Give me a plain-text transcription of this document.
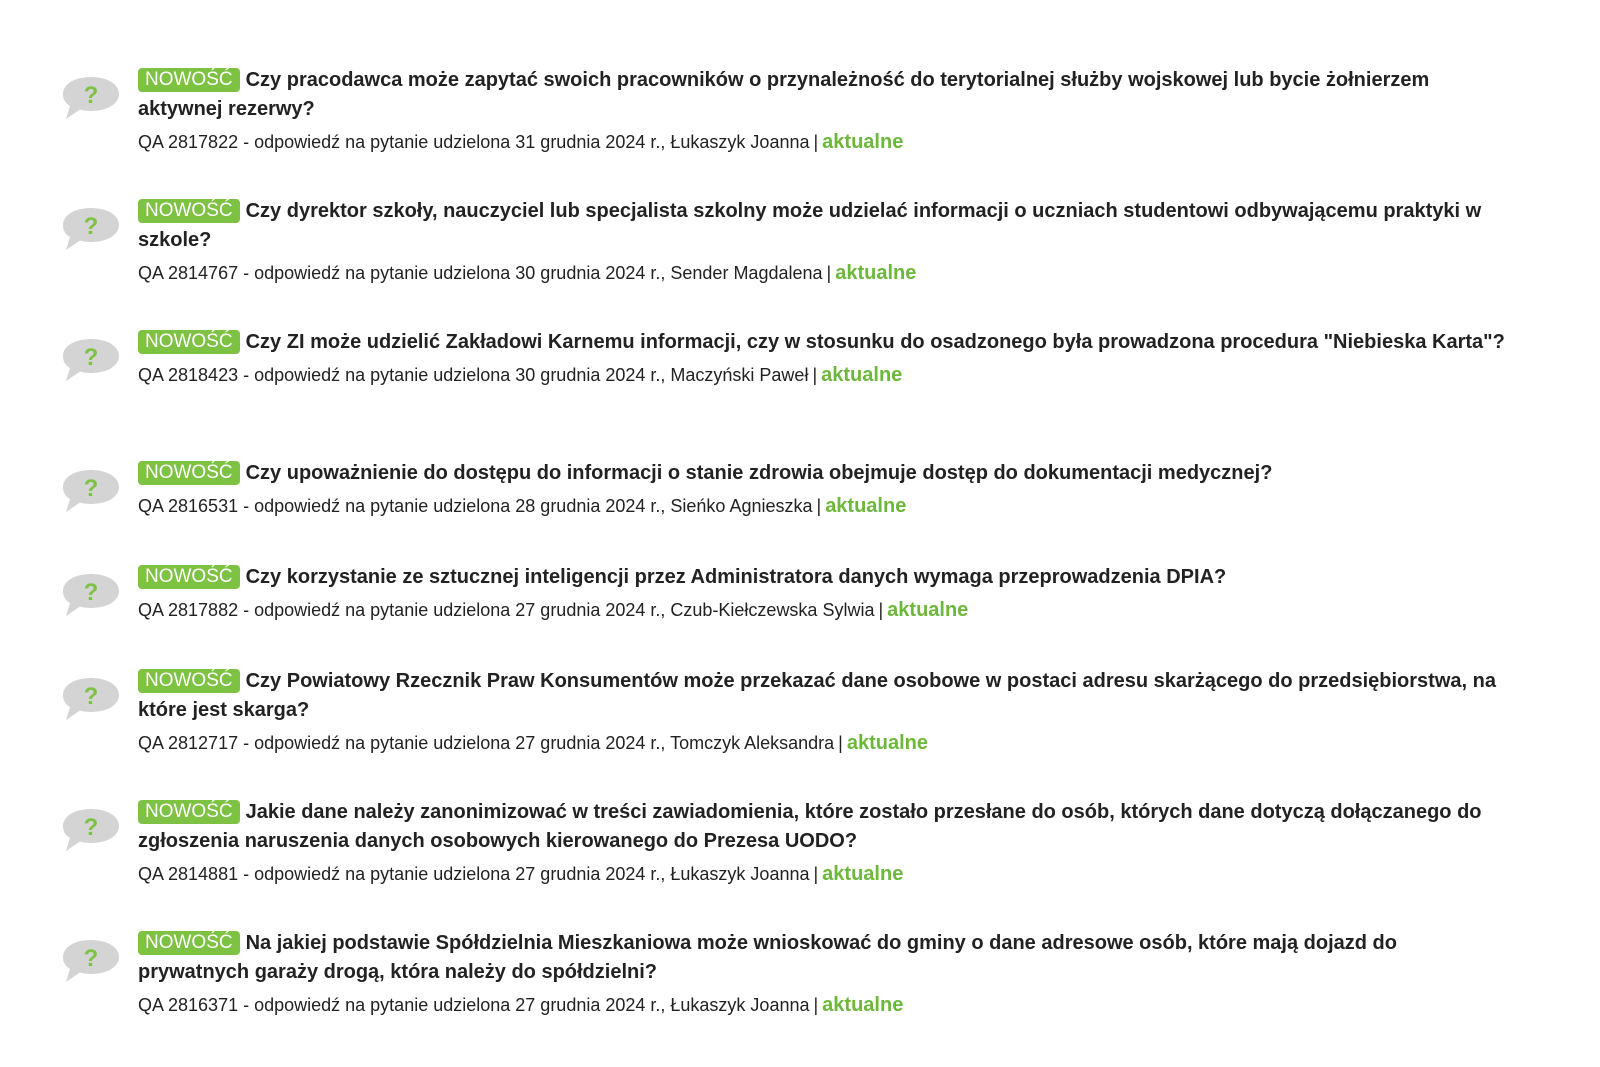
?

NOWOŚĆ Czy pracodawca może zapytać swoich pracowników o przynależność do terytorialnej służby wojskowej lub bycie żołnierzem aktywnej rezerwy?

QA 2817822 - odpowiedź na pytanie udzielona 31 grudnia 2024 r., Łukaszyk Joanna | aktualne
?

NOWOŚĆ Czy dyrektor szkoły, nauczyciel lub specjalista szkolny może udzielać informacji o uczniach studentowi odbywającemu praktyki w szkole?

QA 2814767 - odpowiedź na pytanie udzielona 30 grudnia 2024 r., Sender Magdalena | aktualne
?

NOWOŚĆ Czy ZI może udzielić Zakładowi Karnemu informacji, czy w stosunku do osadzonego była prowadzona procedura "Niebieska Karta"?

QA 2818423 - odpowiedź na pytanie udzielona 30 grudnia 2024 r., Maczyński Paweł | aktualne
?

NOWOŚĆ Czy upoważnienie do dostępu do informacji o stanie zdrowia obejmuje dostęp do dokumentacji medycznej?

QA 2816531 - odpowiedź na pytanie udzielona 28 grudnia 2024 r., Sieńko Agnieszka | aktualne
?

NOWOŚĆ Czy korzystanie ze sztucznej inteligencji przez Administratora danych wymaga przeprowadzenia DPIA?

QA 2817882 - odpowiedź na pytanie udzielona 27 grudnia 2024 r., Czub-Kiełczewska Sylwia | aktualne
?

NOWOŚĆ Czy Powiatowy Rzecznik Praw Konsumentów może przekazać dane osobowe w postaci adresu skarżącego do przedsiębiorstwa, na które jest skarga?

QA 2812717 - odpowiedź na pytanie udzielona 27 grudnia 2024 r., Tomczyk Aleksandra | aktualne
?

NOWOŚĆ Jakie dane należy zanonimizować w treści zawiadomienia, które zostało przesłane do osób, których dane dotyczą dołączanego do zgłoszenia naruszenia danych osobowych kierowanego do Prezesa UODO?

QA 2814881 - odpowiedź na pytanie udzielona 27 grudnia 2024 r., Łukaszyk Joanna | aktualne
?

NOWOŚĆ Na jakiej podstawie Spółdzielnia Mieszkaniowa może wnioskować do gminy o dane adresowe osób, które mają dojazd do prywatnych garaży drogą, która należy do spółdzielni?

QA 2816371 - odpowiedź na pytanie udzielona 27 grudnia 2024 r., Łukaszyk Joanna | aktualne
